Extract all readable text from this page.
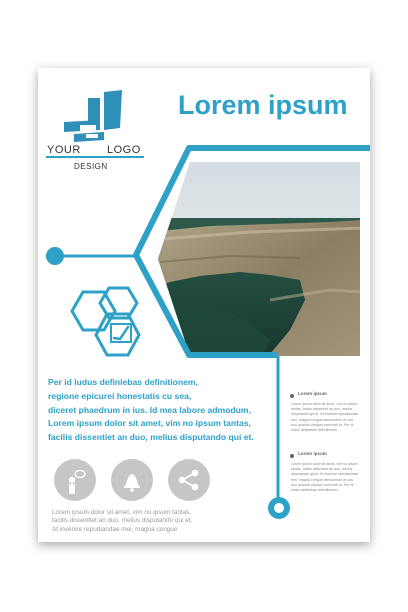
YOUR LOGO
DESIGN
Lorem ipsum
Per id ludus definiebas definitionem,
regione epicurei honestatis cu sea,
diceret phaedrum in ius. Id mea labore admodum,
Lorem ipsum dolor sit amet, vim no ipsum tantas,
facilis dissentiet an duo, melius disputando qui et.
Lorem ipsum dolor sit amet, vim no ipsum tantas,
facilis dissentiet an duo, melius disputando qui et.
At invenire repudiandae mei, magna congue
Lorem ipsum
Lorem ipsum dolor sit amet, vim no ipsum tantas, facilis dissentiet an duo, melius disputando qui et. At invenire repudiandae mei, magna congue democritum et usu, duo quando utroque nominati ut. Per id ludus definiebas definitionem.
Lorem ipsum
Lorem ipsum dolor sit amet, vim no ipsum tantas, facilis dissentiet an duo, melius disputando qui et. At invenire repudiandae mei, magna congue democritum et usu, duo quando utroque nominati ut. Per id ludus definiebas definitionem.
